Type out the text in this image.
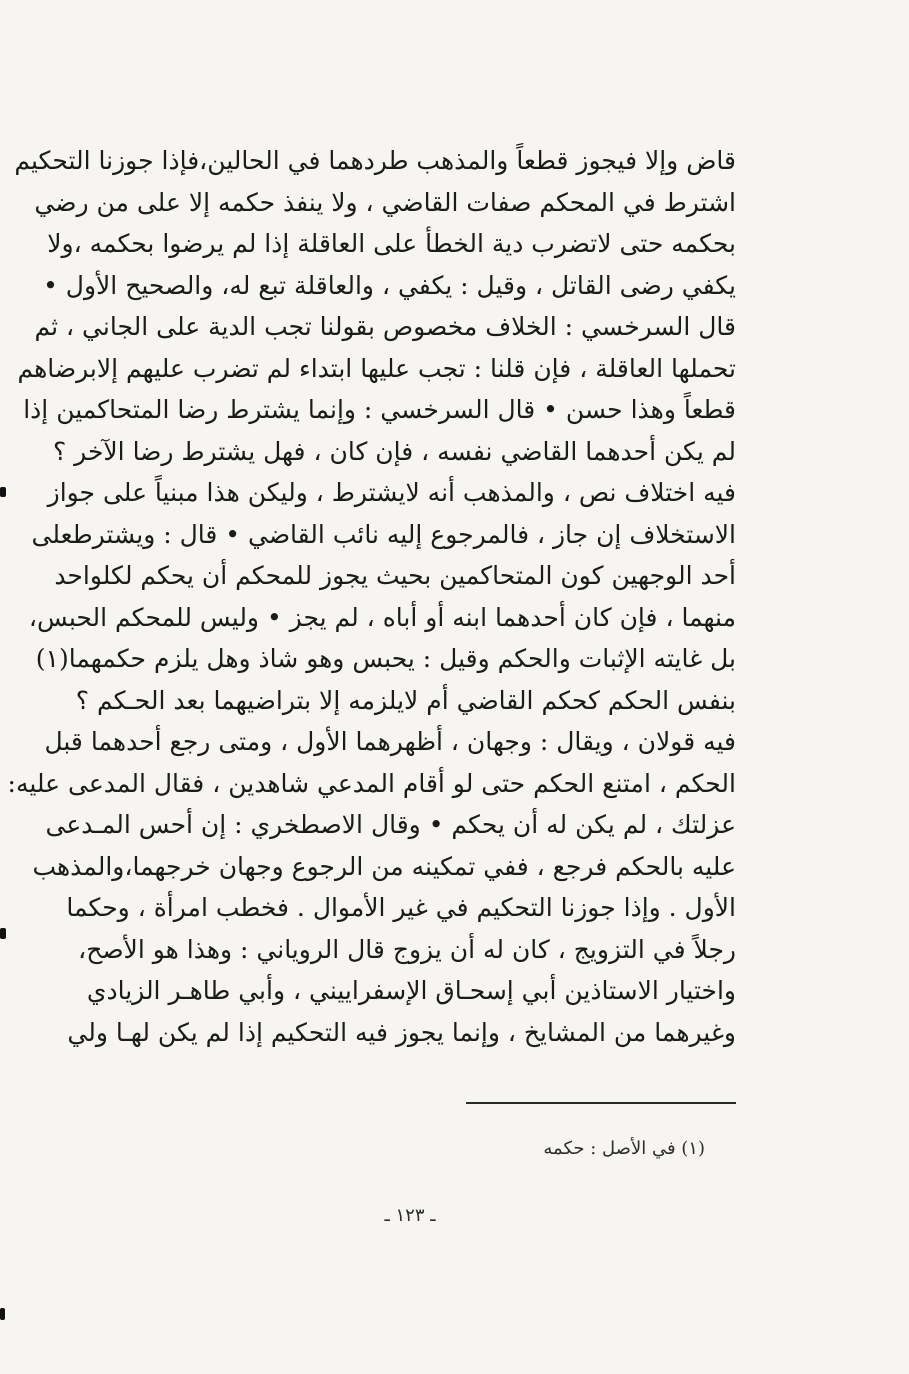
قاض وإلا فيجوز قطعاً والمذهب طردهما في الحالين،فإذا جوزنا التحكيم
اشترط في المحكم صفات القاضي ، ولا ينفذ حكمه إلا على من رضي
بحكمه حتى لاتضرب دية الخطأ على العاقلة إذا لم يرضوا بحكمه ،ولا
يكفي رضى القاتل ، وقيل : يكفي ، والعاقلة تبع له، والصحيح الأول •
قال السرخسي : الخلاف مخصوص بقولنا تجب الدية على الجاني ، ثم
تحملها العاقلة ، فإن قلنا : تجب عليها ابتداء لم تضرب عليهم إلابرضاهم
قطعاً وهذا حسن • قال السرخسي : وإنما يشترط رضا المتحاكمين إذا
لم يكن أحدهما القاضي نفسه ، فإن كان ، فهل يشترط رضا الآخر ؟
فيه اختلاف نص ، والمذهب أنه لايشترط ، وليكن هذا مبنياً على جواز
الاستخلاف إن جاز ، فالمرجوع إليه نائب القاضي • قال : ويشترطعلى
أحد الوجهين كون المتحاكمين بحيث يجوز للمحكم أن يحكم لكلواحد
منهما ، فإن كان أحدهما ابنه أو أباه ، لم يجز • وليس للمحكم الحبس،
بل غايته الإثبات والحكم وقيل : يحبس وهو شاذ وهل يلزم حكمهما(١)
بنفس الحكم كحكم القاضي أم لايلزمه إلا بتراضيهما بعد الحـكم ؟
فيه قولان ، ويقال : وجهان ، أظهرهما الأول ، ومتى رجع أحدهما قبل
الحكم ، امتنع الحكم حتى لو أقام المدعي شاهدين ، فقال المدعى عليه:
عزلتك ، لم يكن له أن يحكم • وقال الاصطخري : إن أحس المـدعى
عليه بالحكم فرجع ، ففي تمكينه من الرجوع وجهان خرجهما،والمذهب
الأول . وإذا جوزنا التحكيم في غير الأموال . فخطب امرأة ، وحكما
رجلاً في التزويج ، كان له أن يزوج قال الروياني : وهذا هو الأصح،
واختيار الاستاذين أبي إسحـاق الإسفراييني ، وأبي طاهـر الزيادي
وغيرهما من المشايخ ، وإنما يجوز فيه التحكيم إذا لم يكن لهـا ولي
(١) في الأصل : حكمه
ـ ١٢٣ ـ
